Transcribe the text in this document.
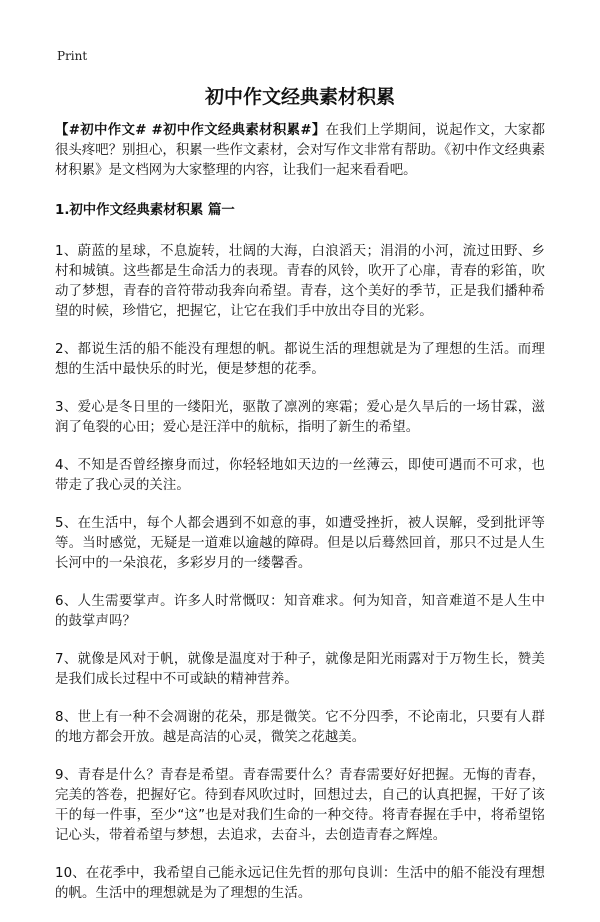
Print
初中作文经典素材积累

【#初中作文# #初中作文经典素材积累#】在我们上学期间，说起作文，大家都很头疼吧？别担心，积累一些作文素材，会对写作文非常有帮助。《初中作文经典素材积累》是文档网为大家整理的内容，让我们一起来看看吧。

1.初中作文经典素材积累 篇一

1、蔚蓝的星球，不息旋转，壮阔的大海，白浪滔天；涓涓的小河，流过田野、乡村和城镇。这些都是生命活力的表现。青春的风铃，吹开了心扉，青春的彩笛，吹动了梦想，青春的音符带动我奔向希望。青春，这个美好的季节，正是我们播种希望的时候，珍惜它，把握它，让它在我们手中放出夺目的光彩。

2、都说生活的船不能没有理想的帆。都说生活的理想就是为了理想的生活。而理想的生活中最快乐的时光，便是梦想的花季。

3、爱心是冬日里的一缕阳光，驱散了凛冽的寒霜；爱心是久旱后的一场甘霖，滋润了龟裂的心田；爱心是汪洋中的航标，指明了新生的希望。

4、不知是否曾经擦身而过，你轻轻地如天边的一丝薄云，即使可遇而不可求，也带走了我心灵的关注。

5、在生活中，每个人都会遇到不如意的事，如遭受挫折，被人误解，受到批评等等。当时感觉，无疑是一道难以逾越的障碍。但是以后蓦然回首，那只不过是人生长河中的一朵浪花，多彩岁月的一缕馨香。

6、人生需要掌声。许多人时常慨叹：知音难求。何为知音，知音难道不是人生中的鼓掌声吗？

7、就像是风对于帆，就像是温度对于种子，就像是阳光雨露对于万物生长，赞美是我们成长过程中不可或缺的精神营养。

8、世上有一种不会凋谢的花朵，那是微笑。它不分四季，不论南北，只要有人群的地方都会开放。越是高洁的心灵，微笑之花越美。

9、青春是什么？青春是希望。青春需要什么？青春需要好好把握。无悔的青春，完美的答卷，把握好它。待到春风吹过时，回想过去，自己的认真把握，干好了该干的每一件事，至少“这”也是对我们生命的一种交待。将青春握在手中，将希望铭记心头，带着希望与梦想，去追求，去奋斗，去创造青春之辉煌。

10、在花季中，我希望自己能永远记住先哲的那句良训：生活中的船不能没有理想的帆。生活中的理想就是为了理想的生活。
